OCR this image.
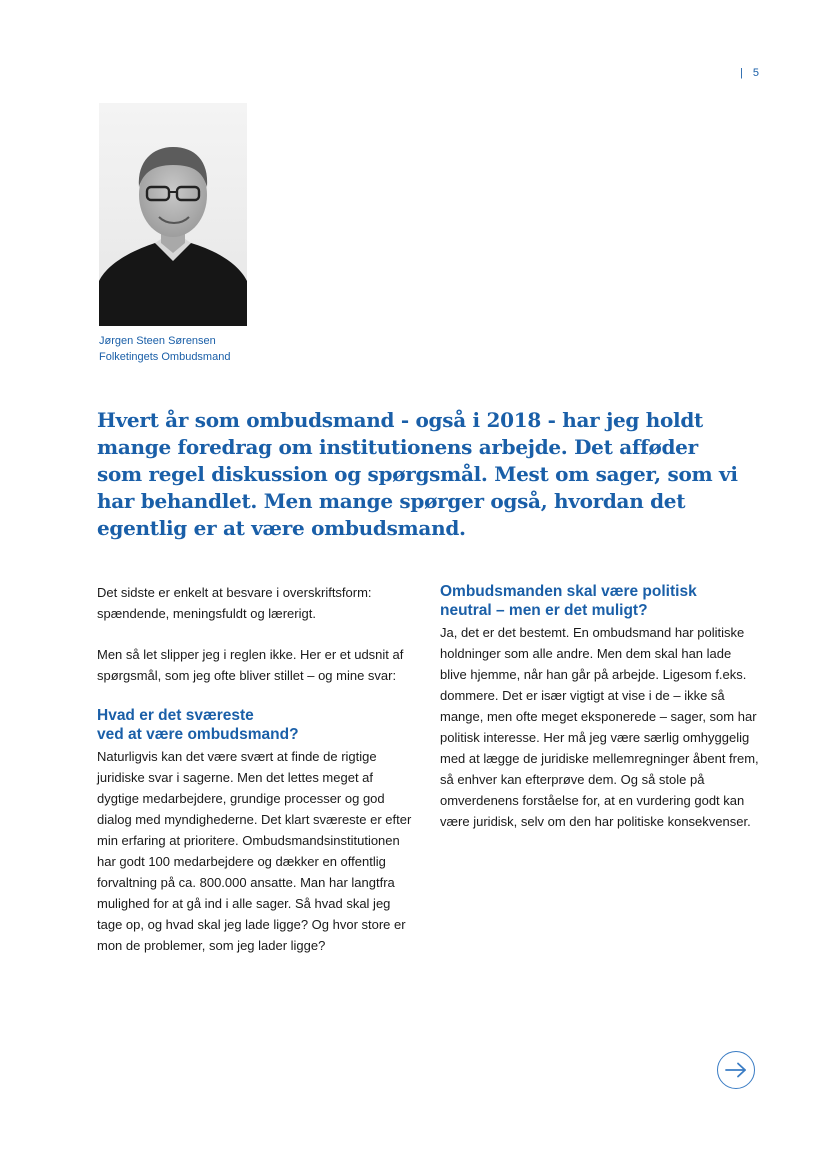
| 5
Jørgen Steen Sørensen
Folketingets Ombudsmand

Hvert år som ombudsmand - også i 2018 - har jeg holdt mange foredrag om institutionens arbejde. Det afføder som regel diskussion og spørgsmål. Mest om sager, som vi har behandlet. Men mange spørger også, hvordan det egentlig er at være ombudsmand.

Det sidste er enkelt at besvare i overskriftsform: spændende, meningsfuldt og lærerigt.

Men så let slipper jeg i reglen ikke. Her er et udsnit af spørgsmål, som jeg ofte bliver stillet – og mine svar:

Hvad er det sværeste
ved at være ombudsmand?

Naturligvis kan det være svært at finde de rigtige juridiske svar i sagerne. Men det lettes meget af dygtige medarbejdere, grundige processer og god dialog med myndighederne. Det klart sværeste er efter min erfaring at prioritere. Ombudsmandsinstitutionen har godt 100 medarbejdere og dækker en offentlig forvaltning på ca. 800.000 ansatte. Man har langtfra mulighed for at gå ind i alle sager. Så hvad skal jeg tage op, og hvad skal jeg lade ligge? Og hvor store er mon de problemer, som jeg lader ligge?

Ombudsmanden skal være politisk
neutral – men er det muligt?

Ja, det er det bestemt. En ombudsmand har politiske holdninger som alle andre. Men dem skal han lade blive hjemme, når han går på arbejde. Ligesom f.eks. dommere. Det er især vigtigt at vise i de – ikke så mange, men ofte meget eksponerede – sager, som har politisk interesse. Her må jeg være særlig omhyggelig med at lægge de juridiske mellemregninger åbent frem, så enhver kan efterprøve dem. Og så stole på omverdenens forståelse for, at en vurdering godt kan være juridisk, selv om den har politiske konsekvenser.
